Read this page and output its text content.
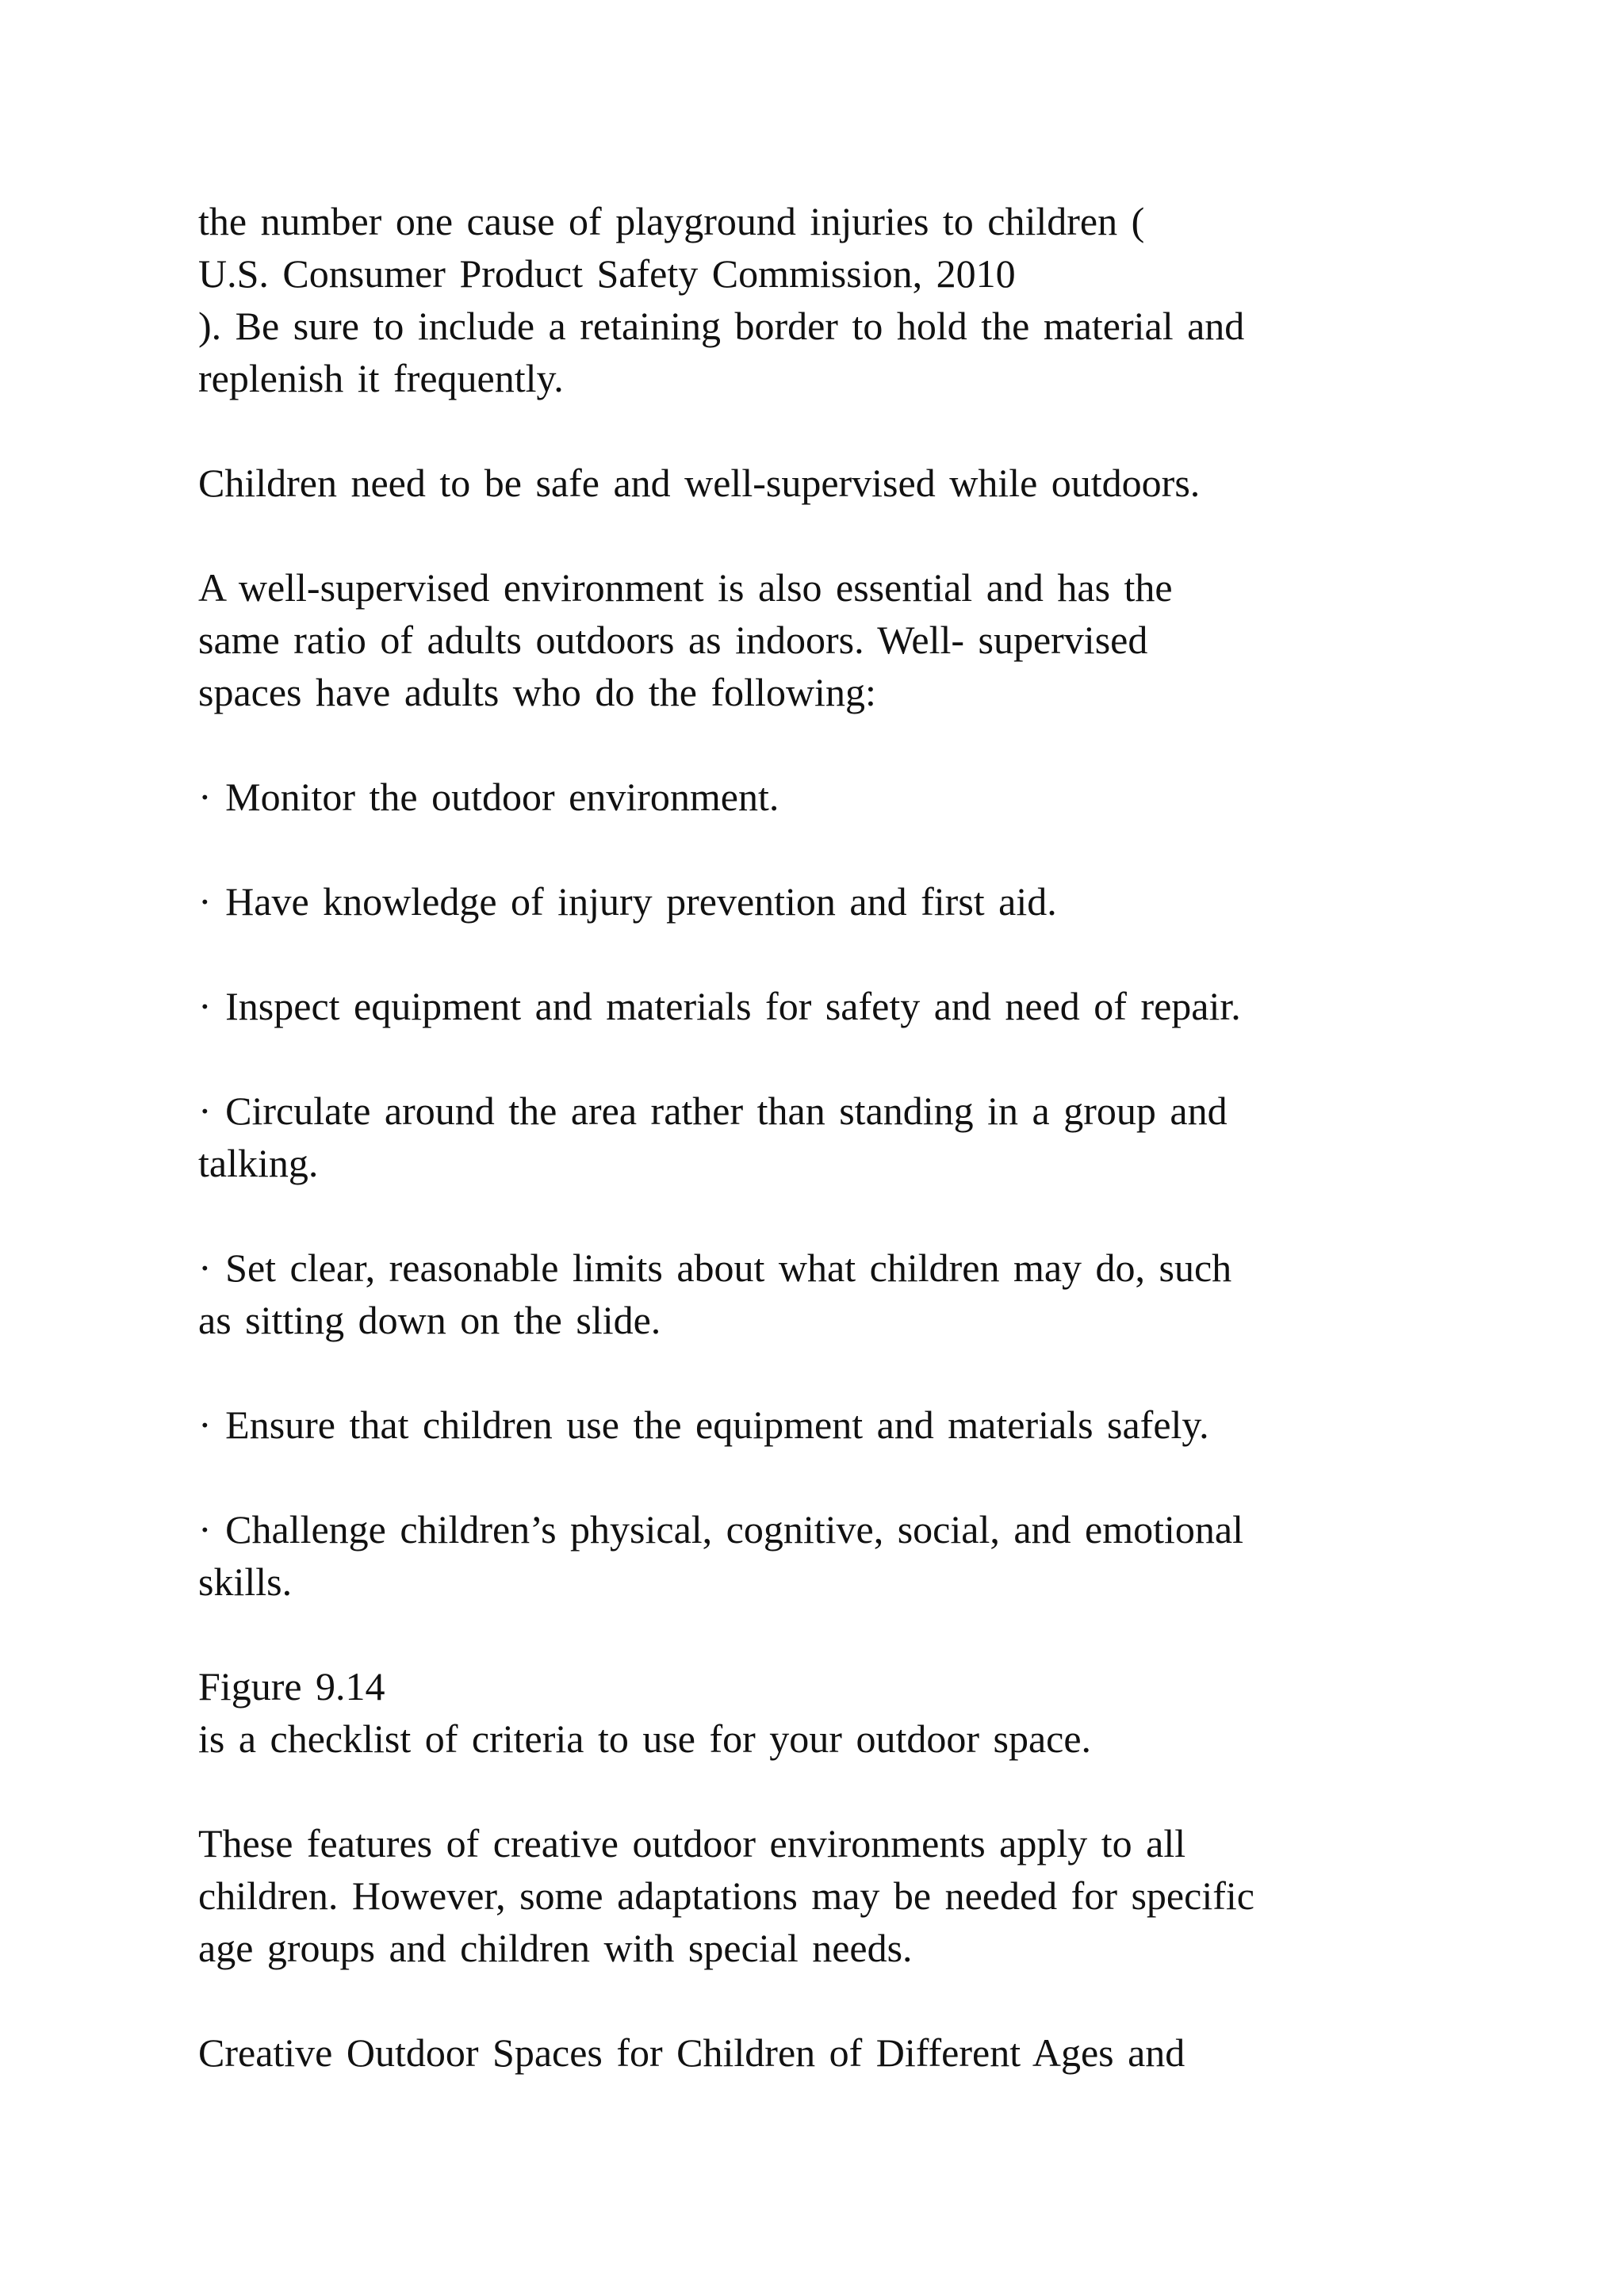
the number one cause of playground injuries to children (
U.S. Consumer Product Safety Commission, 2010
). Be sure to include a retaining border to hold the material and
replenish it frequently.

Children need to be safe and well-supervised while outdoors.

A well-supervised environment is also essential and has the
same ratio of adults outdoors as indoors. Well- supervised
spaces have adults who do the following:

· Monitor the outdoor environment.

· Have knowledge of injury prevention and first aid.

· Inspect equipment and materials for safety and need of repair.

· Circulate around the area rather than standing in a group and
talking.

· Set clear, reasonable limits about what children may do, such
as sitting down on the slide.

· Ensure that children use the equipment and materials safely.

· Challenge children’s physical, cognitive, social, and emotional
skills.

Figure 9.14
is a checklist of criteria to use for your outdoor space.

These features of creative outdoor environments apply to all
children. However, some adaptations may be needed for specific
age groups and children with special needs.

Creative Outdoor Spaces for Children of Different Ages and
